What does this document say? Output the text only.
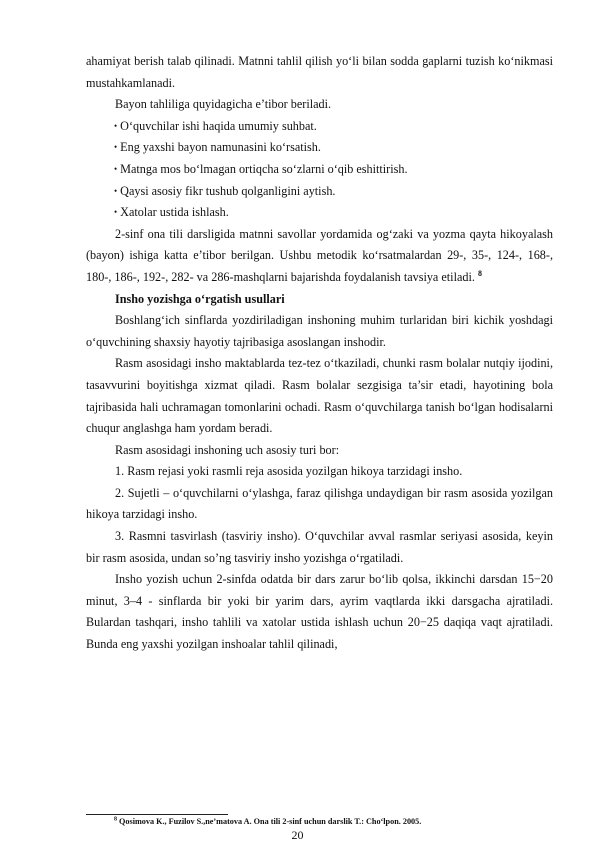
ahamiyat berish talab qilinadi. Matnni tahlil qilish yo‘li bilan sodda gaplarni tuzish ko‘nikmasi mustahkamlanadi.

Bayon tahliliga quyidagicha e’tibor beriladi.

• O‘quvchilar ishi haqida umumiy suhbat.

• Eng yaxshi bayon namunasini ko‘rsatish.

• Matnga mos bo‘lmagan ortiqcha so‘zlarni o‘qib eshittirish.

• Qaysi asosiy fikr tushub qolganligini aytish.

• Xatolar ustida ishlash.

2-sinf ona tili darsligida matnni savollar yordamida og‘zaki va yozma qayta hikoyalash (bayon) ishiga katta e’tibor berilgan. Ushbu metodik ko‘rsatmalardan 29-, 35-, 124-, 168-, 180-, 186-, 192-, 282- va 286-mashqlarni bajarishda foydalanish tavsiya etiladi. $^8$

Insho yozishga o‘rgatish usullari

Boshlang‘ich sinflarda yozdiriladigan inshoning muhim turlaridan biri kichik yoshdagi o‘quvchining shaxsiy hayotiy tajribasiga asoslangan inshodir.

Rasm asosidagi insho maktablarda tez-tez o‘tkaziladi, chunki rasm bolalar nutqiy ijodini, tasavvurini boyitishga xizmat qiladi. Rasm bolalar sezgisiga ta’sir etadi, hayotining bola tajribasida hali uchramagan tomonlarini ochadi. Rasm o‘quvchilarga tanish bo‘lgan hodisalarni chuqur anglashga ham yordam beradi.

Rasm asosidagi inshoning uch asosiy turi bor:

1. Rasm rejasi yoki rasmli reja asosida yozilgan hikoya tarzidagi insho.

2. Sujetli – o‘quvchilarni o‘ylashga, faraz qilishga undaydigan bir rasm asosida yozilgan hikoya tarzidagi insho.

3. Rasmni tasvirlash (tasviriy insho). O‘quvchilar avval rasmlar seriyasi asosida, keyin bir rasm asosida, undan so’ng tasviriy insho yozishga o‘rgatiladi.

Insho yozish uchun 2-sinfda odatda bir dars zarur bo‘lib qolsa, ikkinchi darsdan 15−20 minut, 3–4 - sinflarda bir yoki bir yarim dars, ayrim vaqtlarda ikki darsgacha ajratiladi. Bulardan tashqari, insho tahlili va xatolar ustida ishlash uchun 20−25 daqiqa vaqt ajratiladi. Bunda eng yaxshi yozilgan inshoalar tahlil qilinadi,

$^8$ Qosimova K., Fuzilov S.,ne’matova A. Ona tili 2-sinf uchun darslik T.: Cho‘lpon. 2005.
20
